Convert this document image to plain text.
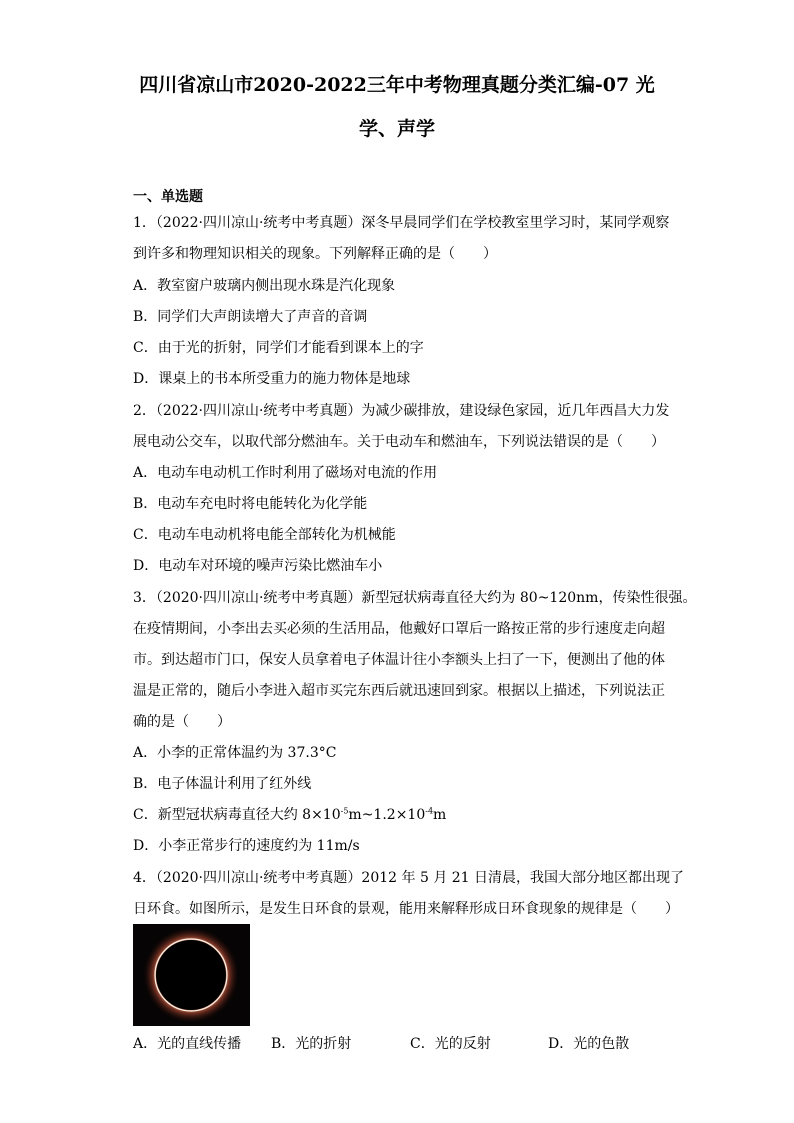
四川省凉山市2020-2022三年中考物理真题分类汇编-07 光
学、声学
一、单选题
1．（2022·四川凉山·统考中考真题）深冬早晨同学们在学校教室里学习时，某同学观察
到许多和物理知识相关的现象。下列解释正确的是（　　）
A．教室窗户玻璃内侧出现水珠是汽化现象
B．同学们大声朗读增大了声音的音调
C．由于光的折射，同学们才能看到课本上的字
D．课桌上的书本所受重力的施力物体是地球
2．（2022·四川凉山·统考中考真题）为减少碳排放，建设绿色家园，近几年西昌大力发
展电动公交车，以取代部分燃油车。关于电动车和燃油车，下列说法错误的是（　　）
A．电动车电动机工作时利用了磁场对电流的作用
B．电动车充电时将电能转化为化学能
C．电动车电动机将电能全部转化为机械能
D．电动车对环境的噪声污染比燃油车小
3．（2020·四川凉山·统考中考真题）新型冠状病毒直径大约为 80~120nm，传染性很强。
在疫情期间，小李出去买必须的生活用品，他戴好口罩后一路按正常的步行速度走向超
市。到达超市门口，保安人员拿着电子体温计往小李额头上扫了一下，便测出了他的体
温是正常的，随后小李进入超市买完东西后就迅速回到家。根据以上描述，下列说法正
确的是（　　）
A．小李的正常体温约为 37.3°C
B．电子体温计利用了红外线
C．新型冠状病毒直径大约 $8\times 10^{-5}m\sim 1.2\times 10^{-4}m$
D．小李正常步行的速度约为 11m/s
4．（2020·四川凉山·统考中考真题）2012 年 5 月 21 日清晨，我国大部分地区都出现了
日环食。如图所示，是发生日环食的景观，能用来解释形成日环食现象的规律是（　　）
A．光的直线传播 B．光的折射	C．光的反射	D．光的色散
